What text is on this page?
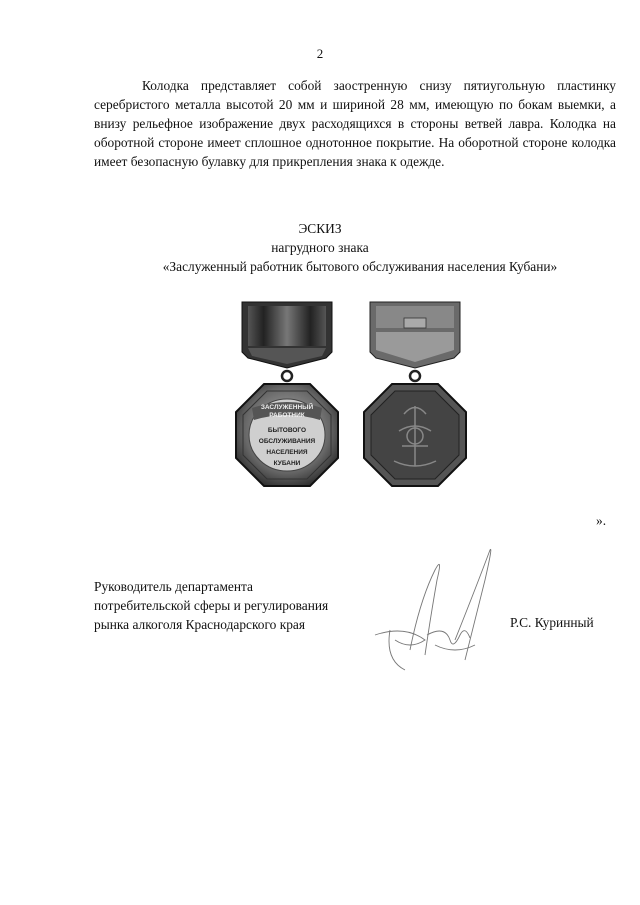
2

Колодка представляет собой заостренную снизу пятиугольную пластинку серебристого металла высотой 20 мм и шириной 28 мм, имеющую по бокам выемки, а внизу рельефное изображение двух расходящихся в стороны ветвей лавра. Колодка на оборотной стороне имеет сплошное однотонное покрытие. На оборотной стороне колодка имеет безопасную булавку для прикрепления знака к одежде.

ЭСКИЗ
нагрудного знака
«Заслуженный работник бытового обслуживания населения Кубани»
ЗАСЛУЖЕННЫЙ
РАБОТНИК
БЫТОВОГО
ОБСЛУЖИВАНИЯ
НАСЕЛЕНИЯ
КУБАНИ
».
Руководитель департамента
потребительской сферы и регулирования
рынка алкоголя Краснодарского края	Р.С. Куринный
